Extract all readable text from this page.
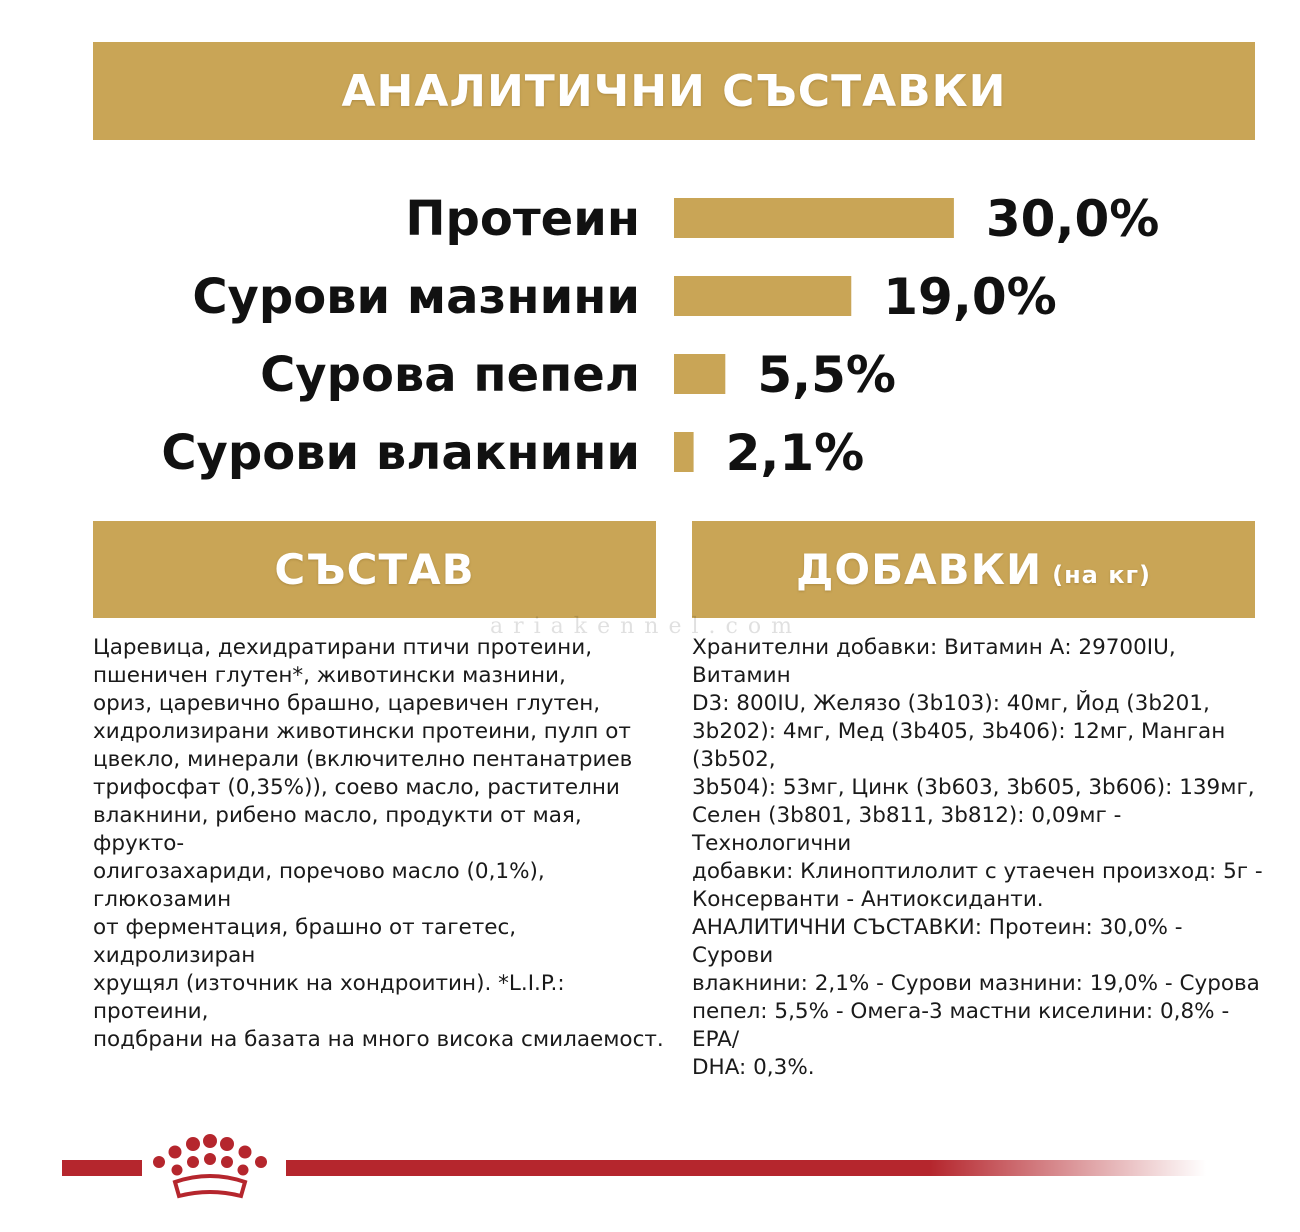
АНАЛИТИЧНИ СЪСТАВКИ
Протеин	30,0%
Сурови мазнини	19,0%
Сурова пепел 5,5%
Сурови влакнини 2,1%
СЪСТАВ	ДОБАВКИ (на кг)
ariakennel.com

Царевица, дехидратирани птичи протеини,
пшеничен глутен*, животински мазнини,
ориз, царевично брашно, царевичен глутен,
хидролизирани животински протеини, пулп от
цвекло, минерали (включително пентанатриев
трифосфат (0,35%)), соево масло, растителни
влакнини, рибено масло, продукти от мая, фрукто-
олигозахариди, поречово масло (0,1%), глюкозамин
от ферментация, брашно от тагетес, хидролизиран
хрущял (източник на хондроитин). *L.I.P.: протеини,
подбрани на базата на много висока смилаемост.

Хранителни добавки: Витамин А: 29700IU, Витамин
D3: 800IU, Желязо (3b103): 40мг, Йод (3b201,
3b202): 4мг, Мед (3b405, 3b406): 12мг, Манган (3b502,
3b504): 53мг, Цинк (3b603, 3b605, 3b606): 139мг,
Селен (3b801, 3b811, 3b812): 0,09мг - Технологични
добавки: Клиноптилолит с утаечен произход: 5г -
Консерванти - Антиоксиданти.
АНАЛИТИЧНИ СЪСТАВКИ: Протеин: 30,0% - Сурови
влакнини: 2,1% - Сурови мазнини: 19,0% - Сурова
пепел: 5,5% - Омега-3 мастни киселини: 0,8% - EPA/
DHA: 0,3%.
